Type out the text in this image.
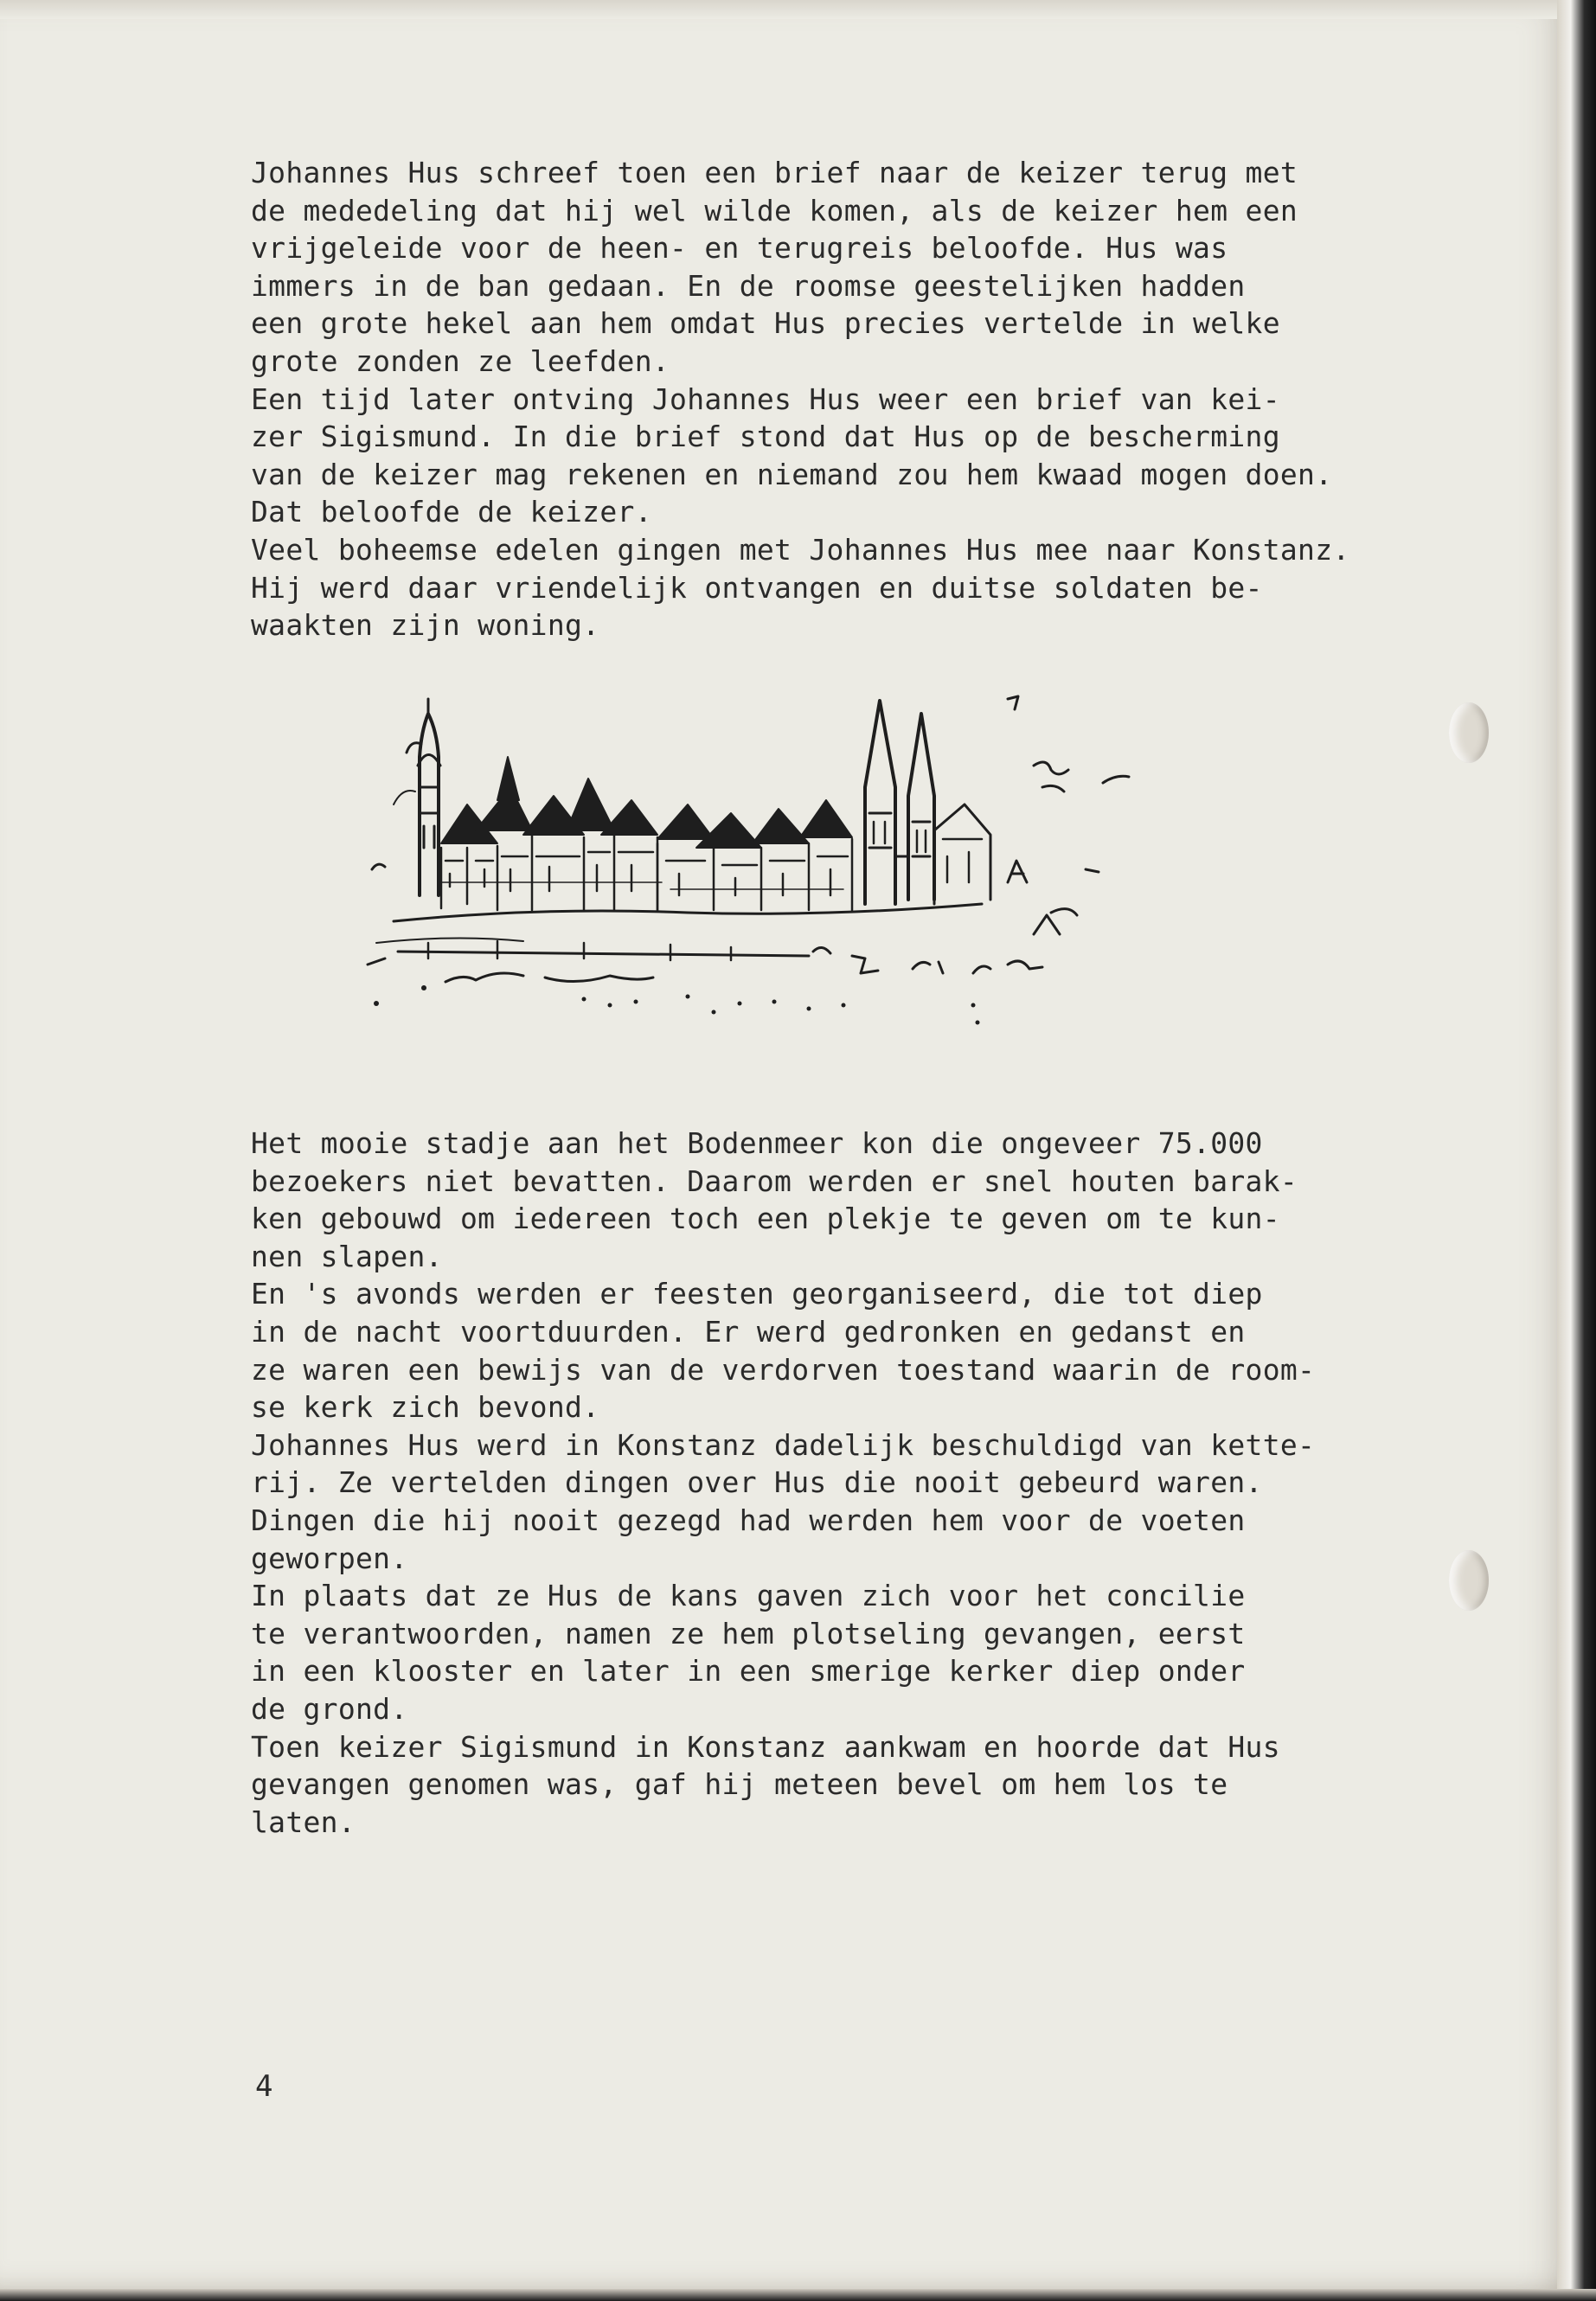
Johannes Hus schreef toen een brief naar de keizer terug met
de mededeling dat hij wel wilde komen, als de keizer hem een
vrijgeleide voor de heen- en terugreis beloofde. Hus was
immers in de ban gedaan. En de roomse geestelijken hadden
een grote hekel aan hem omdat Hus precies vertelde in welke
grote zonden ze leefden.
Een tijd later ontving Johannes Hus weer een brief van kei-
zer Sigismund. In die brief stond dat Hus op de bescherming
van de keizer mag rekenen en niemand zou hem kwaad mogen doen.
Dat beloofde de keizer.
Veel boheemse edelen gingen met Johannes Hus mee naar Konstanz.
Hij werd daar vriendelijk ontvangen en duitse soldaten be-
waakten zijn woning.
Het mooie stadje aan het Bodenmeer kon die ongeveer 75.000
bezoekers niet bevatten. Daarom werden er snel houten barak-
ken gebouwd om iedereen toch een plekje te geven om te kun-
nen slapen.
En 's avonds werden er feesten georganiseerd, die tot diep
in de nacht voortduurden. Er werd gedronken en gedanst en
ze waren een bewijs van de verdorven toestand waarin de room-
se kerk zich bevond.
Johannes Hus werd in Konstanz dadelijk beschuldigd van kette-
rij. Ze vertelden dingen over Hus die nooit gebeurd waren.
Dingen die hij nooit gezegd had werden hem voor de voeten
geworpen.
In plaats dat ze Hus de kans gaven zich voor het concilie
te verantwoorden, namen ze hem plotseling gevangen, eerst
in een klooster en later in een smerige kerker diep onder
de grond.
Toen keizer Sigismund in Konstanz aankwam en hoorde dat Hus
gevangen genomen was, gaf hij meteen bevel om hem los te
laten.
4
